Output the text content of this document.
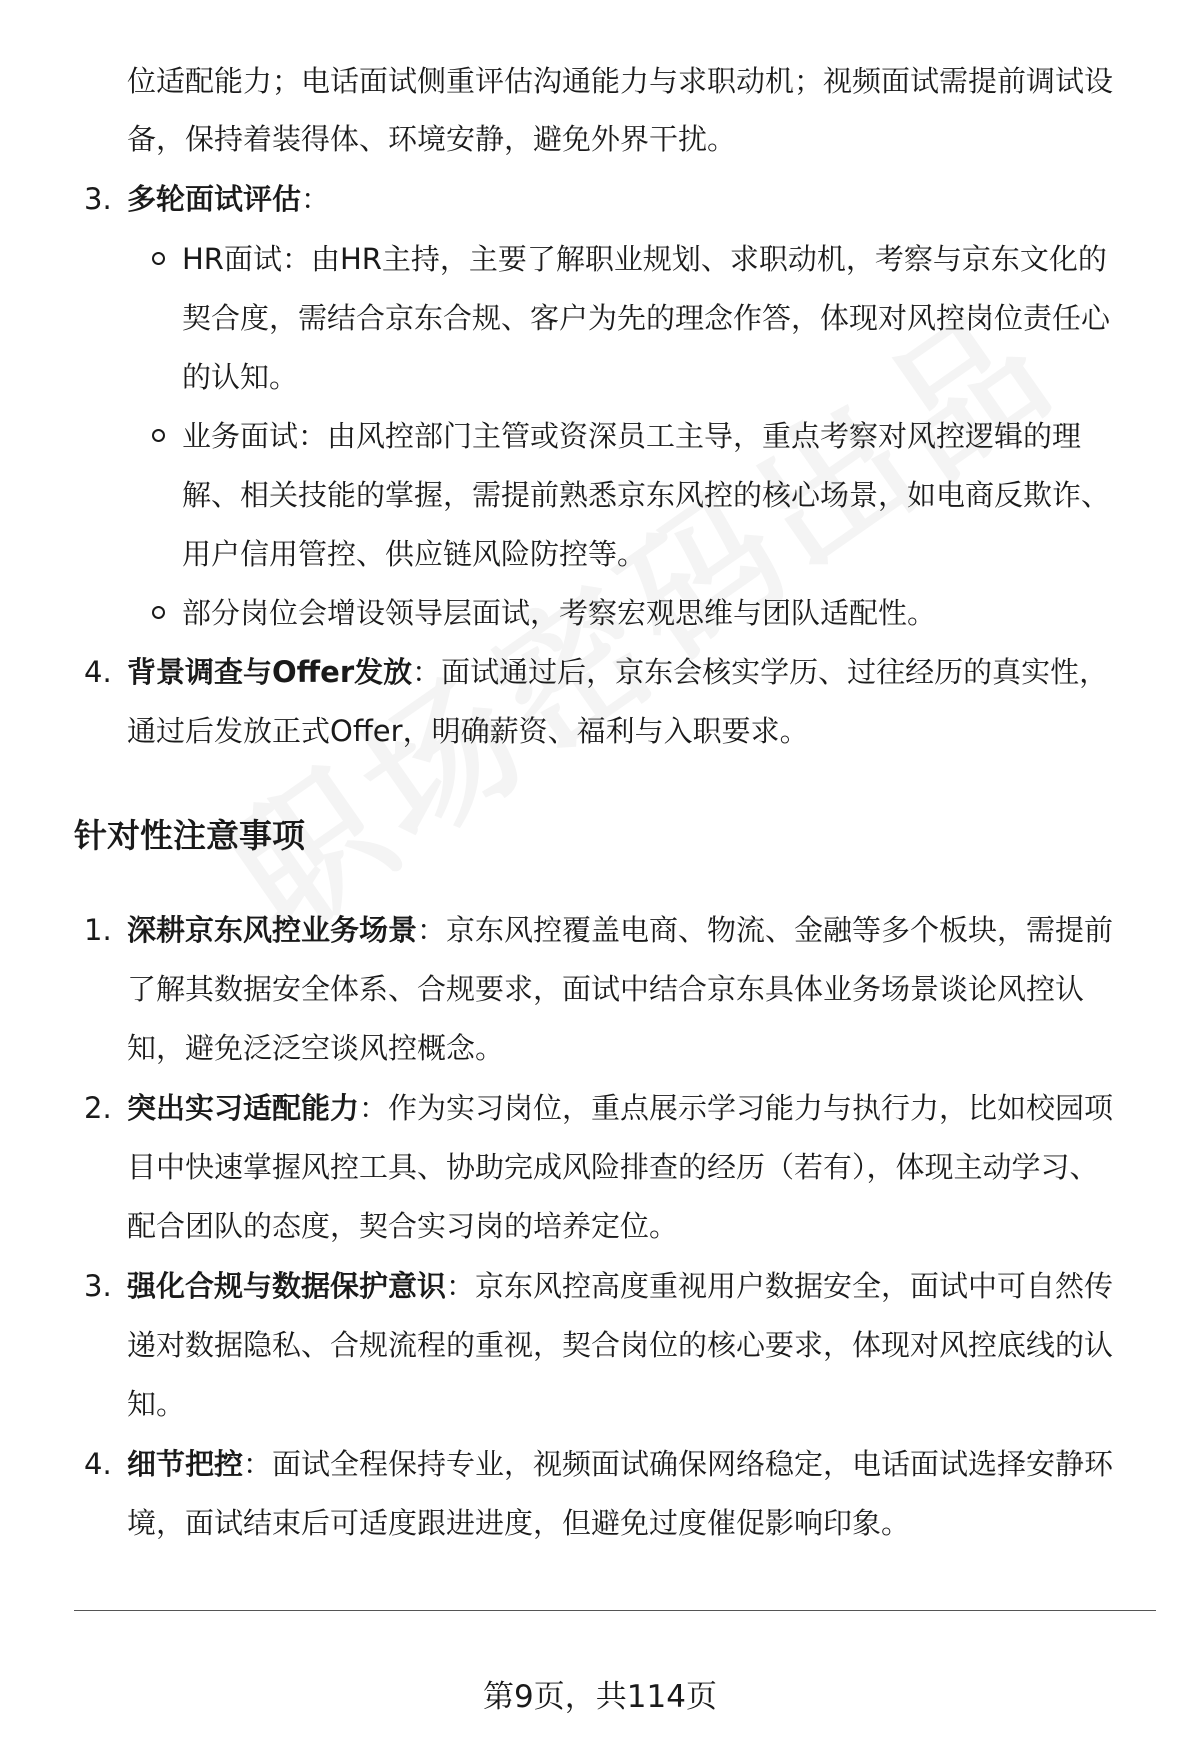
位适配能力；电话面试侧重评估沟通能力与求职动机；视频面试需提前调试设
备，保持着装得体、环境安静，避免外界干扰。
3. 多轮面试评估：
HR面试：由HR主持，主要了解职业规划、求职动机，考察与京东文化的
契合度，需结合京东合规、客户为先的理念作答，体现对风控岗位责任心
的认知。
业务面试：由风控部门主管或资深员工主导，重点考察对风控逻辑的理
解、相关技能的掌握，需提前熟悉京东风控的核心场景，如电商反欺诈、
用户信用管控、供应链风险防控等。
部分岗位会增设领导层面试，考察宏观思维与团队适配性。
4. 背景调查与Offer发放：面试通过后，京东会核实学历、过往经历的真实性，
通过后发放正式Offer，明确薪资、福利与入职要求。
针对性注意事项
1. 深耕京东风控业务场景：京东风控覆盖电商、物流、金融等多个板块，需提前
了解其数据安全体系、合规要求，面试中结合京东具体业务场景谈论风控认
知，避免泛泛空谈风控概念。
2. 突出实习适配能力：作为实习岗位，重点展示学习能力与执行力，比如校园项
目中快速掌握风控工具、协助完成风险排查的经历（若有），体现主动学习、
配合团队的态度，契合实习岗的培养定位。
3. 强化合规与数据保护意识：京东风控高度重视用户数据安全，面试中可自然传
递对数据隐私、合规流程的重视，契合岗位的核心要求，体现对风控底线的认
知。
4. 细节把控：面试全程保持专业，视频面试确保网络稳定，电话面试选择安静环
境，面试结束后可适度跟进进度，但避免过度催促影响印象。
第9页，共114页
